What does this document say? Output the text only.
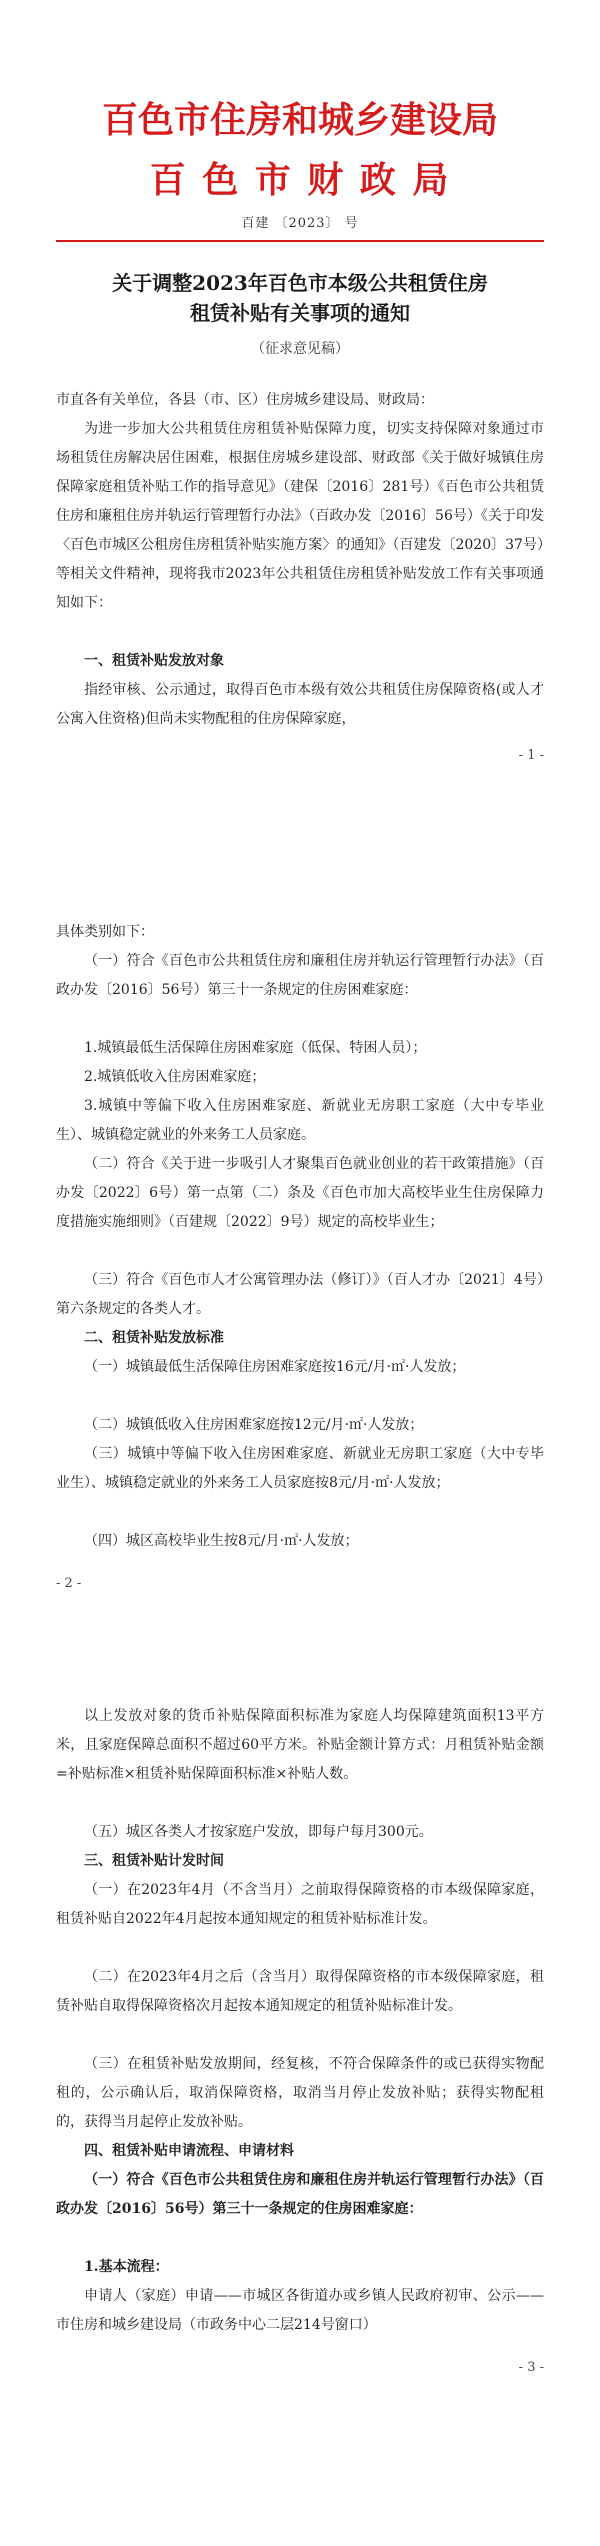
百色市住房和城乡建设局
百 色 市 财 政 局
百建 〔2023〕 号
关于调整2023年百色市本级公共租赁住房
租赁补贴有关事项的通知
（征求意见稿）
市直各有关单位，各县（市、区）住房城乡建设局、财政局：
为进一步加大公共租赁住房租赁补贴保障力度，切实支持保障对象通过市场租赁住房解决居住困难，根据住房城乡建设部、财政部《关于做好城镇住房保障家庭租赁补贴工作的指导意见》（建保〔2016〕281号）《百色市公共租赁住房和廉租住房并轨运行管理暂行办法》（百政办发〔2016〕56号）《关于印发〈百色市城区公租房住房租赁补贴实施方案〉的通知》（百建发〔2020〕37号）等相关文件精神，现将我市2023年公共租赁住房租赁补贴发放工作有关事项通知如下：
一、租赁补贴发放对象
指经审核、公示通过，取得百色市本级有效公共租赁住房保障资格(或人才公寓入住资格)但尚未实物配租的住房保障家庭，
- 1 -
具体类别如下：
（一）符合《百色市公共租赁住房和廉租住房并轨运行管理暂行办法》（百政办发〔2016〕56号）第三十一条规定的住房困难家庭：
1.城镇最低生活保障住房困难家庭（低保、特困人员）；
2.城镇低收入住房困难家庭；
3.城镇中等偏下收入住房困难家庭、新就业无房职工家庭（大中专毕业生）、城镇稳定就业的外来务工人员家庭。
（二）符合《关于进一步吸引人才聚集百色就业创业的若干政策措施》（百办发〔2022〕6号）第一点第（二）条及《百色市加大高校毕业生住房保障力度措施实施细则》（百建规〔2022〕9号）规定的高校毕业生；
（三）符合《百色市人才公寓管理办法（修订）》（百人才办〔2021〕4号）第六条规定的各类人才。
二、租赁补贴发放标准
（一）城镇最低生活保障住房困难家庭按16元/月·㎡·人发放；
（二）城镇低收入住房困难家庭按12元/月·㎡·人发放；
（三）城镇中等偏下收入住房困难家庭、新就业无房职工家庭（大中专毕业生）、城镇稳定就业的外来务工人员家庭按8元/月·㎡·人发放；
（四）城区高校毕业生按8元/月·㎡·人发放；
- 2 -
以上发放对象的货币补贴保障面积标准为家庭人均保障建筑面积13平方米，且家庭保障总面积不超过60平方米。补贴金额计算方式：月租赁补贴金额=补贴标准×租赁补贴保障面积标准×补贴人数。
（五）城区各类人才按家庭户发放，即每户每月300元。
三、租赁补贴计发时间
（一）在2023年4月（不含当月）之前取得保障资格的市本级保障家庭，租赁补贴自2022年4月起按本通知规定的租赁补贴标准计发。
（二）在2023年4月之后（含当月）取得保障资格的市本级保障家庭，租赁补贴自取得保障资格次月起按本通知规定的租赁补贴标准计发。
（三）在租赁补贴发放期间，经复核，不符合保障条件的或已获得实物配租的，公示确认后，取消保障资格，取消当月停止发放补贴；获得实物配租的，获得当月起停止发放补贴。
四、租赁补贴申请流程、申请材料
（一）符合《百色市公共租赁住房和廉租住房并轨运行管理暂行办法》（百政办发〔2016〕56号）第三十一条规定的住房困难家庭：
1.基本流程：
申请人（家庭）申请——市城区各街道办或乡镇人民政府初审、公示——市住房和城乡建设局（市政务中心二层214号窗口）
- 3 -
